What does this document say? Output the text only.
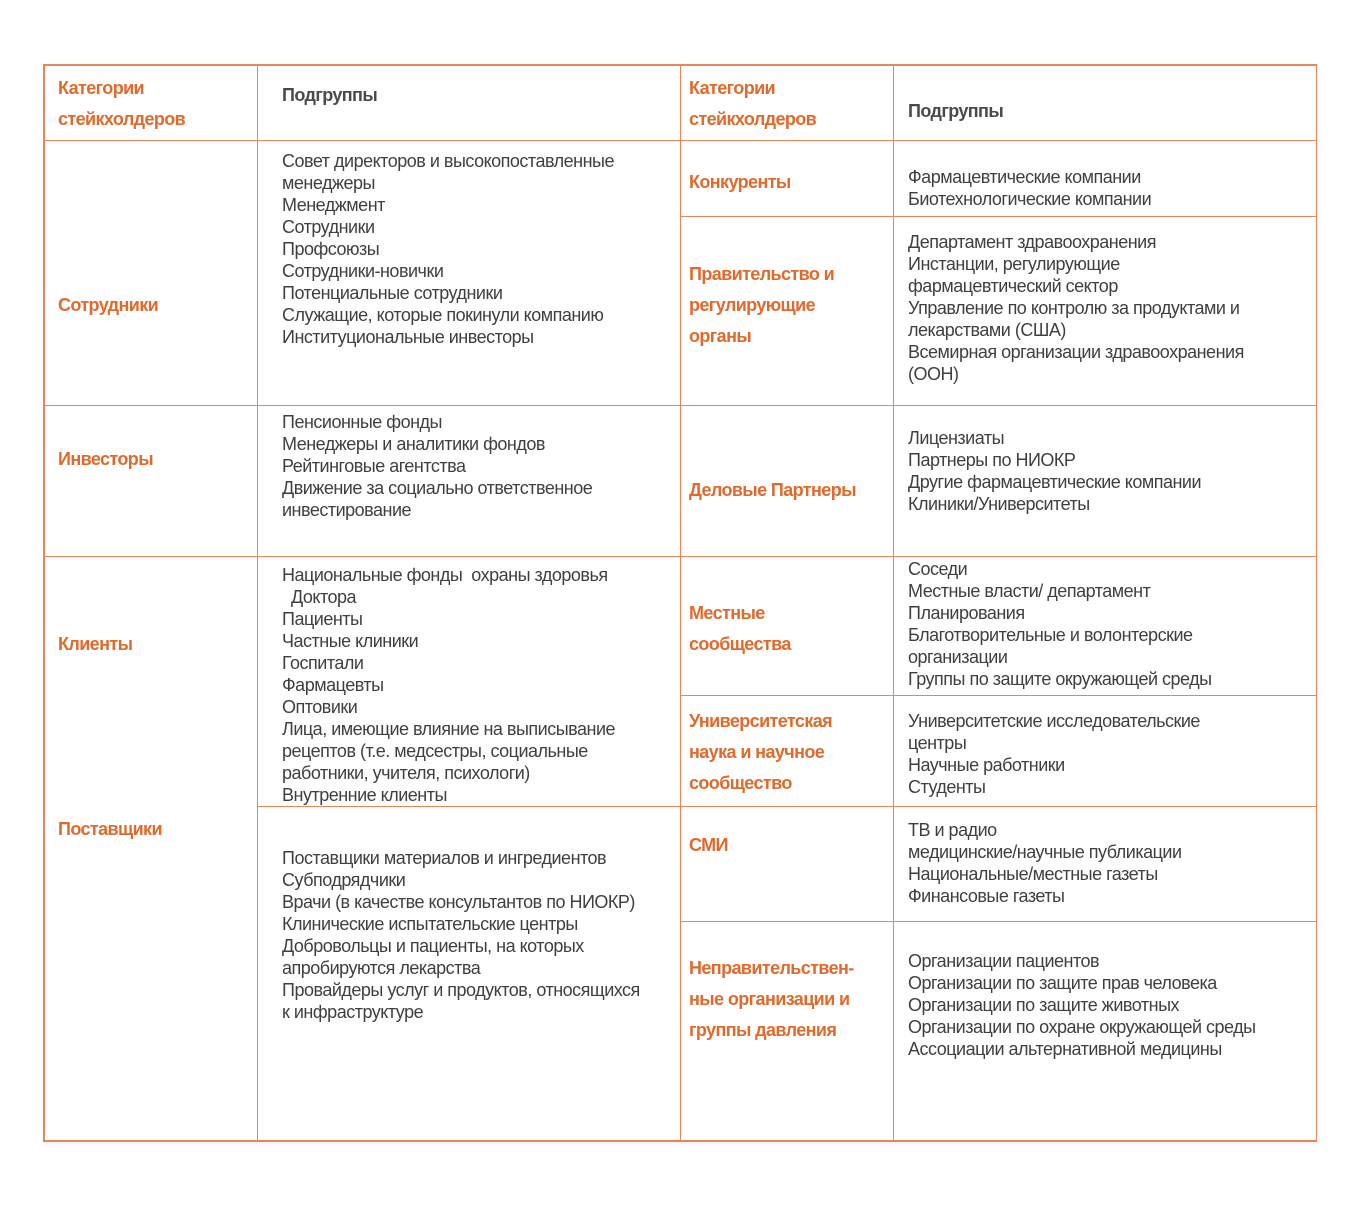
Категории стейкхолдеров
Подгруппы	Категории стейкхолдеров	Подгруппы
Сотрудники
Инвесторы
Клиенты
Поставщики
Совет директоров и высокопоставленные
менеджеры
Менеджмент
Сотрудники
Профсоюзы
Сотрудники-новички
Потенциальные сотрудники
Служащие, которые покинули компанию
Институциональные инвесторы
Пенсионные фонды
Менеджеры и аналитики фондов
Рейтинговые агентства
Движение за социально ответственное
инвестирование
Национальные фонды  охраны здоровья
Доктора
Пациенты
Частные клиники
Госпитали
Фармацевты
Оптовики
Лица, имеющие влияние на выписывание
рецептов (т.е. медсестры, социальные
работники, учителя, психологи)
Внутренние клиенты
Поставщики материалов и ингредиентов
Субподрядчики
Врачи (в качестве консультантов по НИОКР)
Клинические испытательские центры
Добровольцы и пациенты, на которых
апробируются лекарства
Провайдеры услуг и продуктов, относящихся
к инфраструктуре
Конкуренты
Правительство и регулирующие органы
Деловые Партнеры
Местные сообщества
Университетская наука и научное сообщество
СМИ
Неправительствен-ные организации и группы давления
Фармацевтические компании
Биотехнологические компании
Департамент здравоохранения
Инстанции, регулирующие
фармацевтический сектор
Управление по контролю за продуктами и
лекарствами (США)
Всемирная организации здравоохранения
(ООН)
Лицензиаты
Партнеры по НИОКР
Другие фармацевтические компании
Клиники/Университеты
Соседи
Местные власти/ департамент
Планирования
Благотворительные и волонтерские
организации
Группы по защите окружающей среды
Университетские исследовательские
центры
Научные работники
Студенты
ТВ и радио
медицинские/научные публикации
Национальные/местные газеты
Финансовые газеты
Организации пациентов
Организации по защите прав человека
Организации по защите животных
Организации по охране окружающей среды
Ассоциации альтернативной медицины
